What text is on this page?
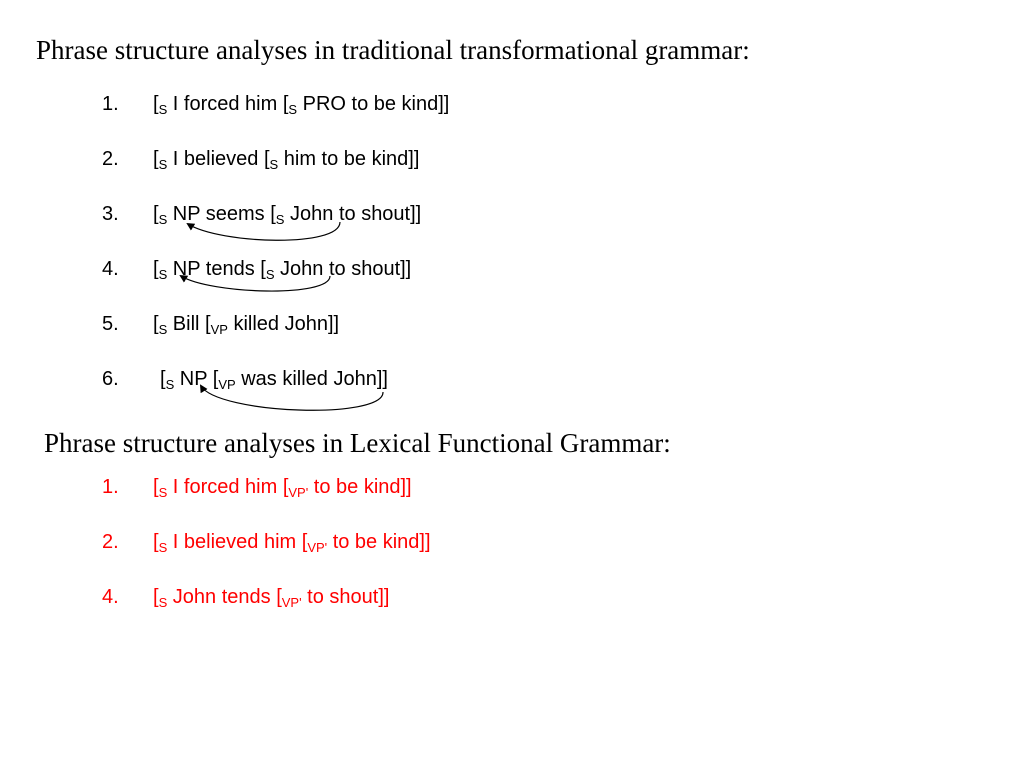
Phrase structure analyses in traditional transformational grammar:
1. [$_S$ I forced him [$_S$ PRO to be kind]]
2. [$_S$ I believed [$_S$ him to be kind]]
3. [$_S$ NP seems [$_S$ John to shout]]
4. [$_S$ NP tends [$_S$ John to shout]]
5. [$_S$ Bill [$_{VP}$ killed John]]
6. [$_S$ NP [$_{VP}$ was killed John]]
Phrase structure analyses in Lexical Functional Grammar:
1. [$_S$ I forced him [$_{VP'}$ to be kind]]
2. [$_S$ I believed him [$_{VP'}$ to be kind]]
4. [$_S$ John tends [$_{VP'}$ to shout]]
